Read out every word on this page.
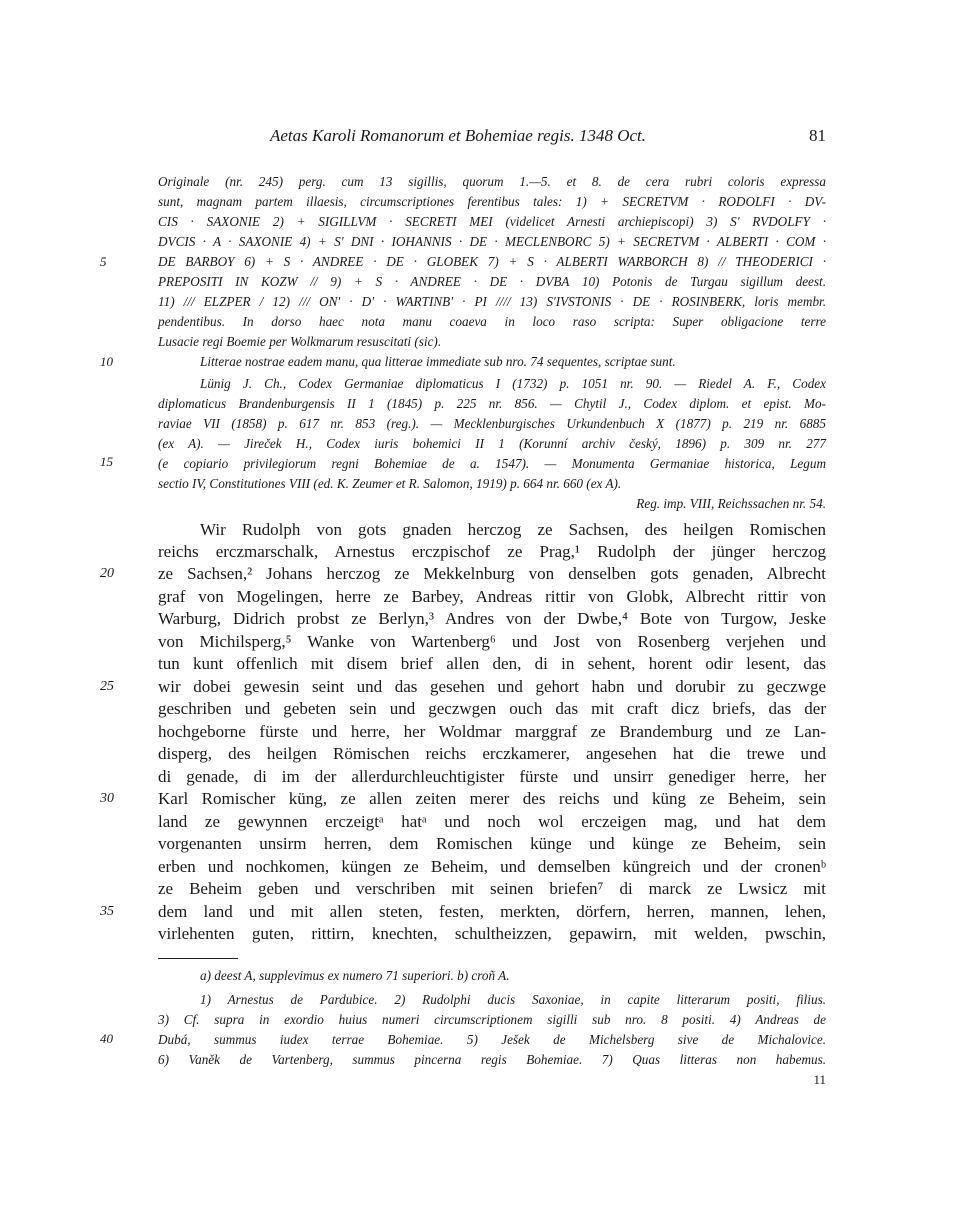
Aetas Karoli Romanorum et Bohemiae regis. 1348 Oct.	81
Originale (nr. 245) perg. cum 13 sigillis, quorum 1.—5. et 8. de cera rubri coloris expressa
sunt, magnam partem illaesis, circumscriptiones ferentibus tales: 1) + SECRETVM · RODOLFI · DV-
CIS · SAXONIE 2) + SIGILLVM · SECRETI MEI (videlicet Arnesti archiepiscopi) 3) S' RVDOLFY ·
DVCIS · A · SAXONIE 4) + S' DNI · IOHANNIS · DE · MECLENBORC 5) + SECRETVM · ALBERTI · COM ·
DE BARBOY 6) + S · ANDREE · DE · GLOBEK 7) + S · ALBERTI WARBORCH 8) // THEODERICI ·
PREPOSITI IN KOZW // 9) + S · ANDREE · DE · DVBA 10) Potonis de Turgau sigillum deest.
11) /// ELZPER / 12) /// ON' · D' · WARTINB' · PI //// 13) S'IVSTONIS · DE · ROSINBERK, loris membr.
pendentibus. In dorso haec nota manu coaeva in loco raso scripta: Super obligacione terre
Lusacie regi Boemie per Wolkmarum resuscitati (sic).
Litterae nostrae eadem manu, qua litterae immediate sub nro. 74 sequentes, scriptae sunt.
Lünig J. Ch., Codex Germaniae diplomaticus I (1732) p. 1051 nr. 90. — Riedel A. F., Codex
diplomaticus Brandenburgensis II 1 (1845) p. 225 nr. 856. — Chytil J., Codex diplom. et epist. Mo-
raviae VII (1858) p. 617 nr. 853 (reg.). — Mecklenburgisches Urkundenbuch X (1877) p. 219 nr. 6885
(ex A). — Jireček H., Codex iuris bohemici II 1 (Korunní archiv český, 1896) p. 309 nr. 277
(e copiario privilegiorum regni Bohemiae de a. 1547). — Monumenta Germaniae historica, Legum
sectio IV, Constitutiones VIII (ed. K. Zeumer et R. Salomon, 1919) p. 664 nr. 660 (ex A).
Reg. imp. VIII, Reichssachen nr. 54.
5
10
15
Wir Rudolph von gots gnaden herczog ze Sachsen, des heilgen Romischen
reichs erczmarschalk, Arnestus erczpischof ze Prag,¹ Rudolph der jünger herczog
ze Sachsen,² Johans herczog ze Mekkelnburg von denselben gots genaden, Albrecht
graf von Mogelingen, herre ze Barbey, Andreas rittir von Globk, Albrecht rittir von
Warburg, Didrich probst ze Berlyn,³ Andres von der Dwbe,⁴ Bote von Turgow, Jeske
von Michilsperg,⁵ Wanke von Wartenberg⁶ und Jost von Rosenberg verjehen und
tun kunt offenlich mit disem brief allen den, di in sehent, horent odir lesent, das
wir dobei gewesin seint und das gesehen und gehort habn und dorubir zu geczwge
geschriben und gebeten sein und geczwgen ouch das mit craft dicz briefs, das der
hochgeborne fürste und herre, her Woldmar marggraf ze Brandemburg und ze Lan-
disperg, des heilgen Römischen reichs erczkamerer, angesehen hat die trewe und
di genade, di im der allerdurchleuchtigister fürste und unsirr genediger herre, her
Karl Romischer küng, ze allen zeiten merer des reichs und küng ze Beheim, sein
land ze gewynnen erczeigtᵃ hatᵃ und noch wol erczeigen mag, und hat dem
vorgenanten unsirm herren, dem Romischen künge und künge ze Beheim, sein
erben und nochkomen, küngen ze Beheim, und demselben küngreich und der cronenᵇ
ze Beheim geben und verschriben mit seinen briefen⁷ di marck ze Lwsicz mit
dem land und mit allen steten, festen, merkten, dörfern, herren, mannen, lehen,
virlehenten guten, rittirn, knechten, schultheizzen, gepawirn, mit welden, pwschin,
20
25
30
35
a) deest A, supplevimus ex numero 71 superiori. b) croñ A.
1) Arnestus de Pardubice. 2) Rudolphi ducis Saxoniae, in capite litterarum positi, filius.
3) Cf. supra in exordio huius numeri circumscriptionem sigilli sub nro. 8 positi. 4) Andreas de
Dubá, summus iudex terrae Bohemiae. 5) Ješek de Michelsberg sive de Michalovice.
6) Vaněk de Vartenberg, summus pincerna regis Bohemiae. 7) Quas litteras non habemus.
40
11
